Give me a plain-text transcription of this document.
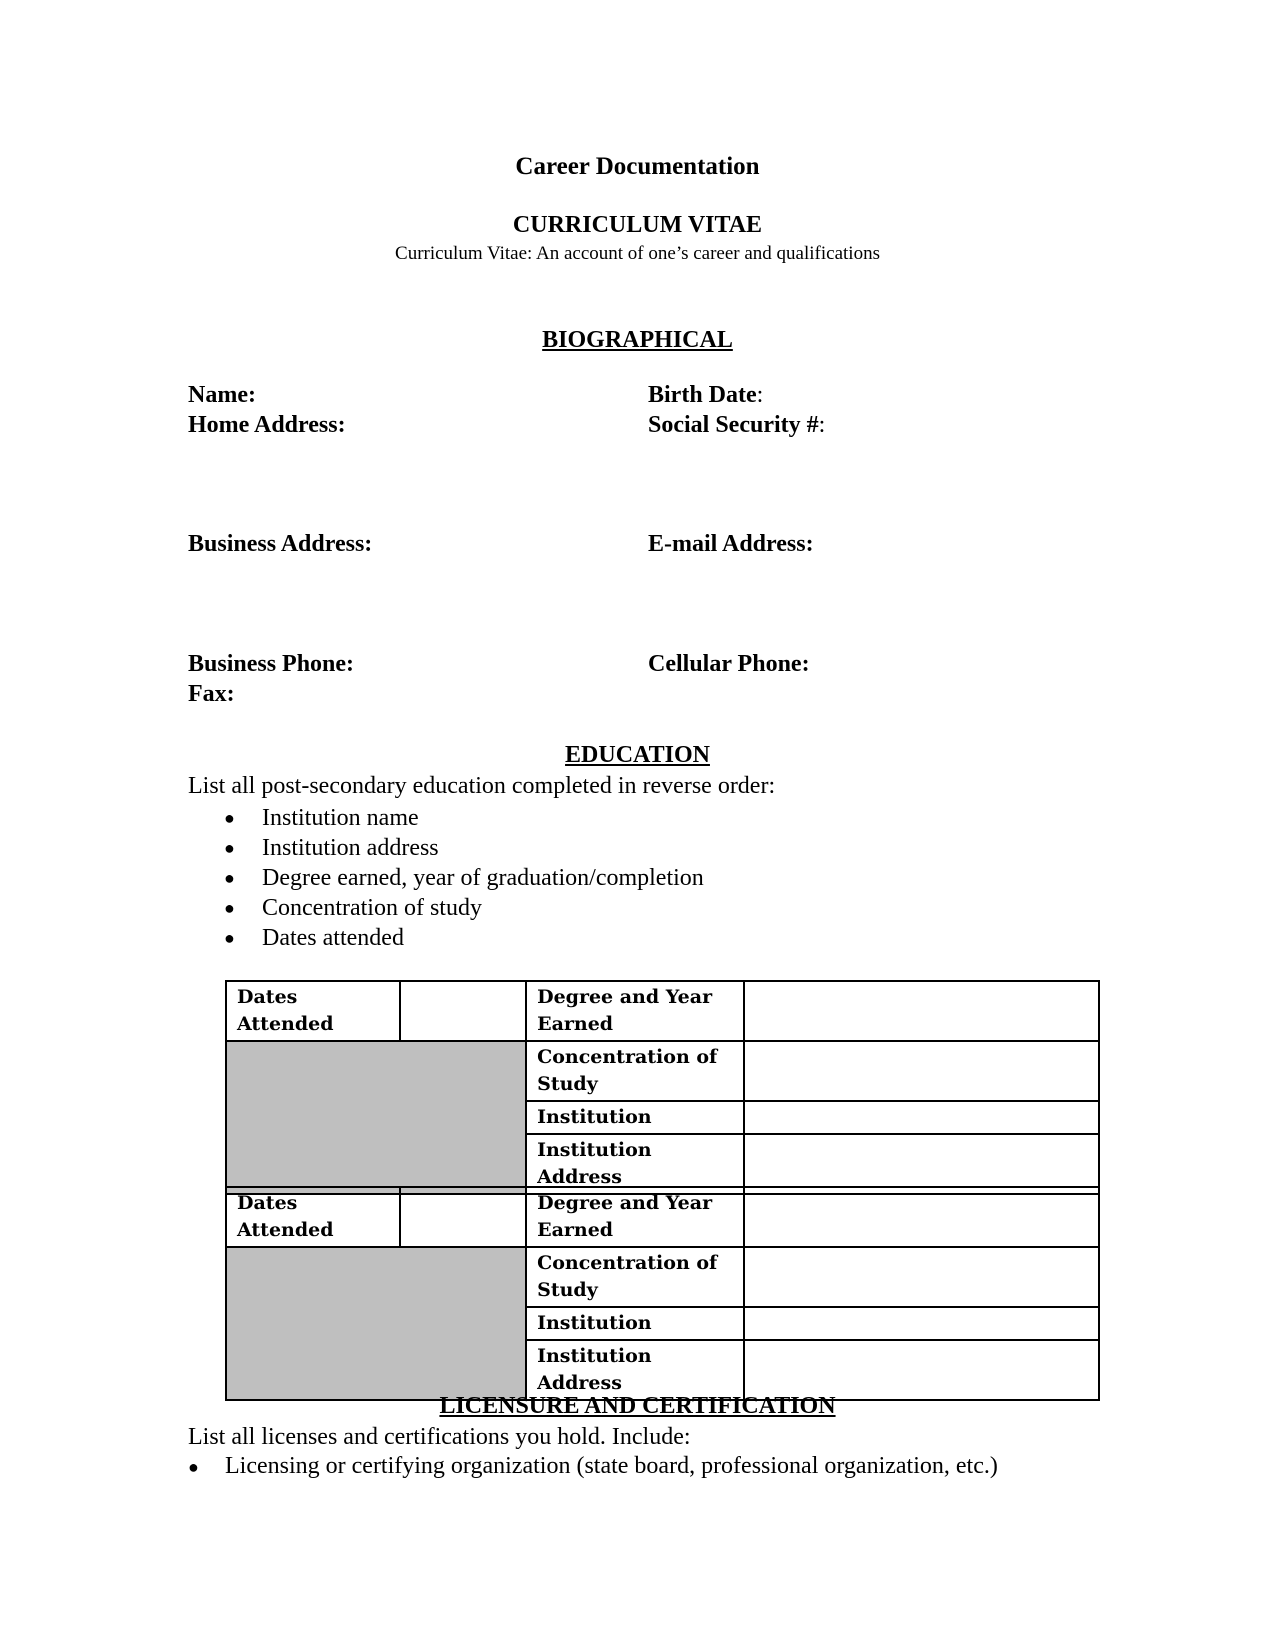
Career Documentation
CURRICULUM VITAE
Curriculum Vitae: An account of one’s career and qualifications
BIOGRAPHICAL
Name:	Birth Date:
Home Address:	Social Security #:
Business Address:	E-mail Address:
Business Phone:	Cellular Phone:
Fax:
EDUCATION
List all post-secondary education completed in reverse order:
● Institution name
● Institution address
● Degree earned, year of graduation/completion
● Concentration of study
● Dates attended
Dates Attended		Degree and Year Earned	
		Concentration of Study	
		Institution	
		Institution Address	
Dates Attended		Degree and Year Earned	
		Concentration of Study	
		Institution	
		Institution Address	
LICENSURE AND CERTIFICATION
List all licenses and certifications you hold. Include:
● Licensing or certifying organization (state board, professional organization, etc.)
